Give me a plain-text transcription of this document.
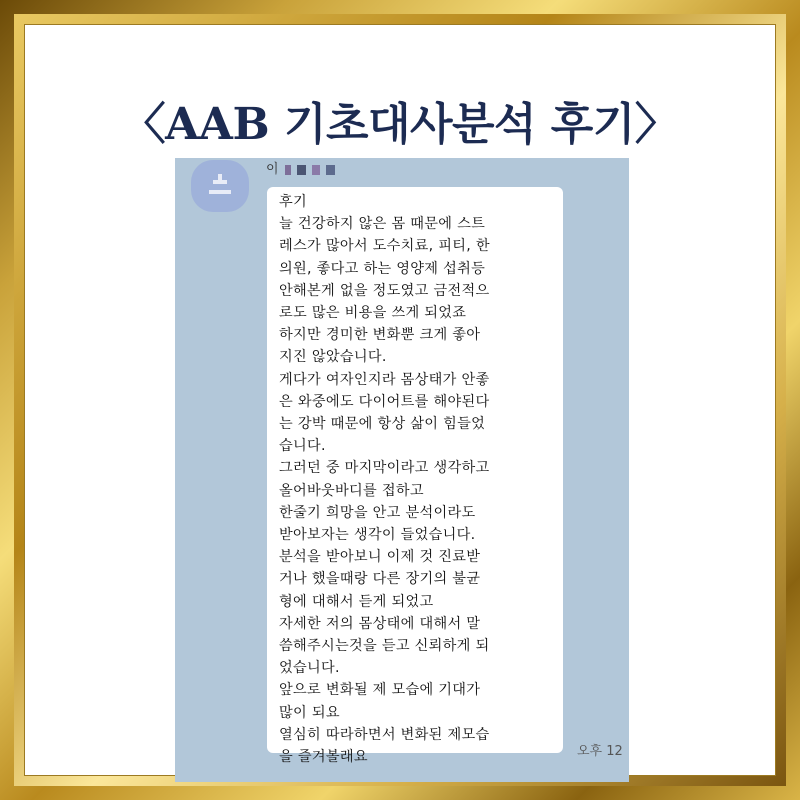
〈AAB 기초대사분석 후기〉
이
후기
늘 건강하지 않은 몸 때문에 스트
레스가 많아서 도수치료, 피티, 한
의원, 좋다고 하는 영양제 섭취등
안해본게 없을 정도였고 금전적으
로도 많은 비용을 쓰게 되었죠
하지만 경미한 변화뿐 크게 좋아
지진 않았습니다.
게다가 여자인지라 몸상태가 안좋
은 와중에도 다이어트를 해야된다
는 강박 때문에 항상 삶이 힘들었
습니다.
그러던 중 마지막이라고 생각하고
올어바웃바디를 접하고
한줄기 희망을 안고 분석이라도
받아보자는 생각이 들었습니다.
분석을 받아보니 이제 것 진료받
거나 했을때랑 다른 장기의 불균
형에 대해서 듣게 되었고
자세한 저의 몸상태에 대해서 말
씀해주시는것을 듣고 신뢰하게 되
었습니다.
앞으로 변화될 제 모습에 기대가
많이 되요
열심히 따라하면서 변화된 제모습
을 즐겨볼래요	오후 12
